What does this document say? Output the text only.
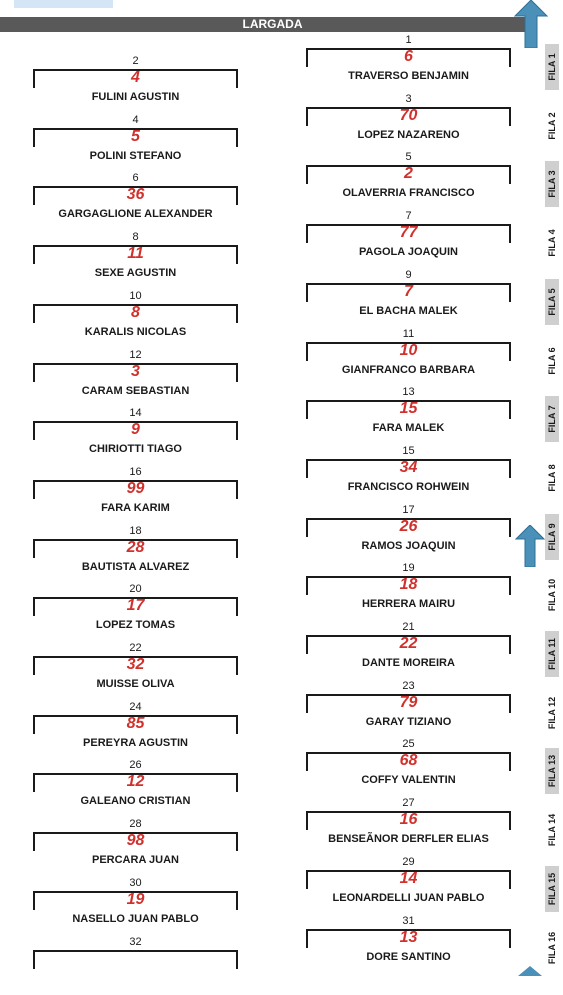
LARGADA
1
6
TRAVERSO BENJAMIN
2
4
FULINI AGUSTIN
FILA 1
3
70
LOPEZ NAZARENO
4
5
POLINI STEFANO
FILA 2
5
2
OLAVERRIA FRANCISCO
6
36
GARGAGLIONE ALEXANDER
FILA 3
7
77
PAGOLA JOAQUIN
8
11
SEXE AGUSTIN
FILA 4
9
7
EL BACHA MALEK
10
8
KARALIS NICOLAS
FILA 5
11
10
GIANFRANCO BARBARA
12
3
CARAM SEBASTIAN
FILA 6
13
15
FARA MALEK
14
9
CHIRIOTTI TIAGO
FILA 7
15
34
FRANCISCO ROHWEIN
16
99
FARA KARIM
FILA 8
17
26
RAMOS JOAQUIN
18
28
BAUTISTA ALVAREZ
FILA 9
19
18
HERRERA MAIRU
20
17
LOPEZ TOMAS
FILA 10
21
22
DANTE MOREIRA
22
32
MUISSE OLIVA
FILA 11
23
79
GARAY TIZIANO
24
85
PEREYRA AGUSTIN
FILA 12
25
68
COFFY VALENTIN
26
12
GALEANO CRISTIAN
FILA 13
27
16
BENSEÃNOR DERFLER ELIAS
28
98
PERCARA JUAN
FILA 14
29
14
LEONARDELLI JUAN PABLO
30
19
NASELLO JUAN PABLO
FILA 15
31
13
DORE SANTINO
32	FILA 16
